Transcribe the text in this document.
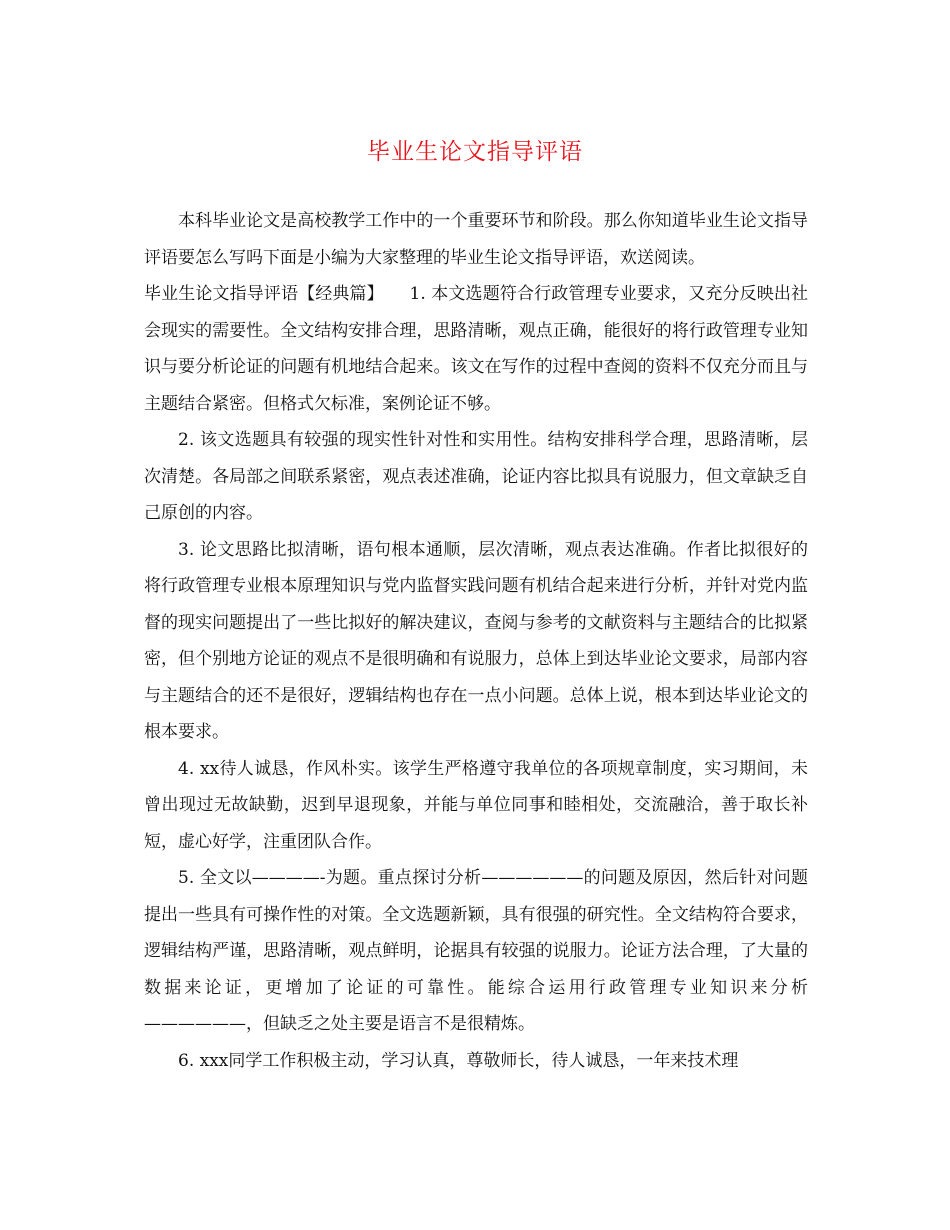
毕业生论文指导评语

本科毕业论文是高校教学工作中的一个重要环节和阶段。那么你知道毕业生论文指导评语要怎么写吗下面是小编为大家整理的毕业生论文指导评语，欢送阅读。

毕业生论文指导评语【经典篇】　　1. 本文选题符合行政管理专业要求，又充分反映出社会现实的需要性。全文结构安排合理，思路清晰，观点正确，能很好的将行政管理专业知识与要分析论证的问题有机地结合起来。该文在写作的过程中查阅的资料不仅充分而且与主题结合紧密。但格式欠标准，案例论证不够。

2. 该文选题具有较强的现实性针对性和实用性。结构安排科学合理，思路清晰，层次清楚。各局部之间联系紧密，观点表述准确，论证内容比拟具有说服力，但文章缺乏自己原创的内容。

3. 论文思路比拟清晰，语句根本通顺，层次清晰，观点表达准确。作者比拟很好的将行政管理专业根本原理知识与党内监督实践问题有机结合起来进行分析，并针对党内监督的现实问题提出了一些比拟好的解决建议，查阅与参考的文献资料与主题结合的比拟紧密，但个别地方论证的观点不是很明确和有说服力，总体上到达毕业论文要求，局部内容与主题结合的还不是很好，逻辑结构也存在一点小问题。总体上说，根本到达毕业论文的根本要求。

4. xx待人诚恳，作风朴实。该学生严格遵守我单位的各项规章制度，实习期间，未曾出现过无故缺勤，迟到早退现象，并能与单位同事和睦相处，交流融洽，善于取长补短，虚心好学，注重团队合作。

5. 全文以————-为题。重点探讨分析——————的问题及原因，然后针对问题提出一些具有可操作性的对策。全文选题新颖，具有很强的研究性。全文结构符合要求，逻辑结构严谨，思路清晰，观点鲜明，论据具有较强的说服力。论证方法合理，了大量的数据来论证，更增加了论证的可靠性。能综合运用行政管理专业知识来分析——————，但缺乏之处主要是语言不是很精炼。

6. xxx同学工作积极主动，学习认真，尊敬师长，待人诚恳，一年来技术理
